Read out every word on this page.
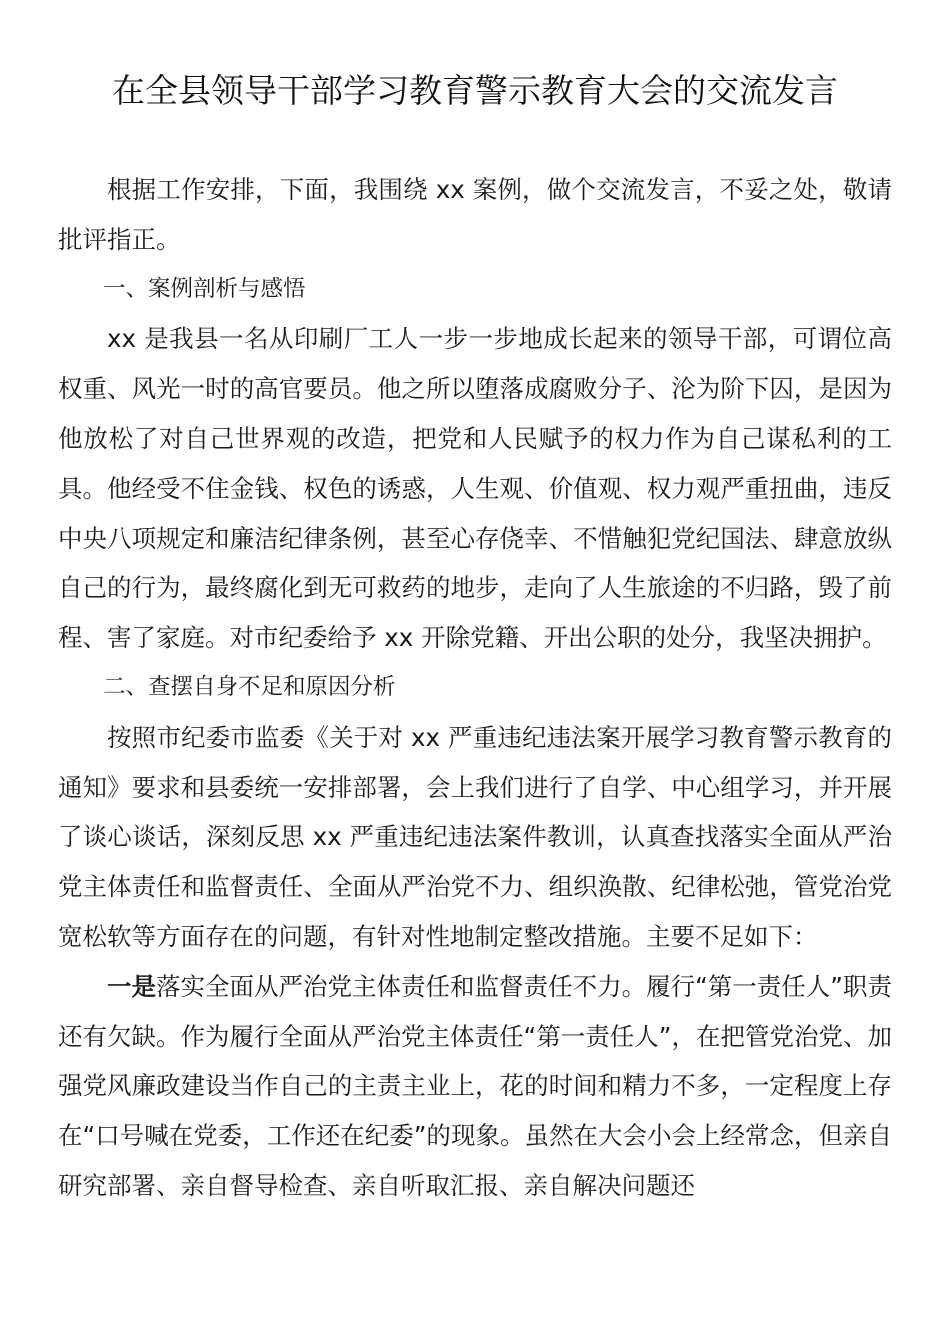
在全县领导干部学习教育警示教育大会的交流发言

根据工作安排，下面，我围绕 xx 案例，做个交流发言，不妥之处，敬请批评指正。

一、案例剖析与感悟

xx 是我县一名从印刷厂工人一步一步地成长起来的领导干部，可谓位高权重、风光一时的高官要员。他之所以堕落成腐败分子、沦为阶下囚，是因为他放松了对自己世界观的改造，把党和人民赋予的权力作为自己谋私利的工具。他经受不住金钱、权色的诱惑，人生观、价值观、权力观严重扭曲，违反中央八项规定和廉洁纪律条例，甚至心存侥幸、不惜触犯党纪国法、肆意放纵自己的行为，最终腐化到无可救药的地步，走向了人生旅途的不归路，毁了前程、害了家庭。对市纪委给予 xx 开除党籍、开出公职的处分，我坚决拥护。

二、查摆自身不足和原因分析

按照市纪委市监委《关于对 xx 严重违纪违法案开展学习教育警示教育的通知》要求和县委统一安排部署，会上我们进行了自学、中心组学习，并开展了谈心谈话，深刻反思 xx 严重违纪违法案件教训，认真查找落实全面从严治党主体责任和监督责任、全面从严治党不力、组织涣散、纪律松弛，管党治党宽松软等方面存在的问题，有针对性地制定整改措施。主要不足如下：

一是落实全面从严治党主体责任和监督责任不力。履行“第一责任人”职责还有欠缺。作为履行全面从严治党主体责任“第一责任人”，在把管党治党、加强党风廉政建设当作自己的主责主业上，花的时间和精力不多，一定程度上存在“口号喊在党委，工作还在纪委”的现象。虽然在大会小会上经常念，但亲自研究部署、亲自督导检查、亲自听取汇报、亲自解决问题还
